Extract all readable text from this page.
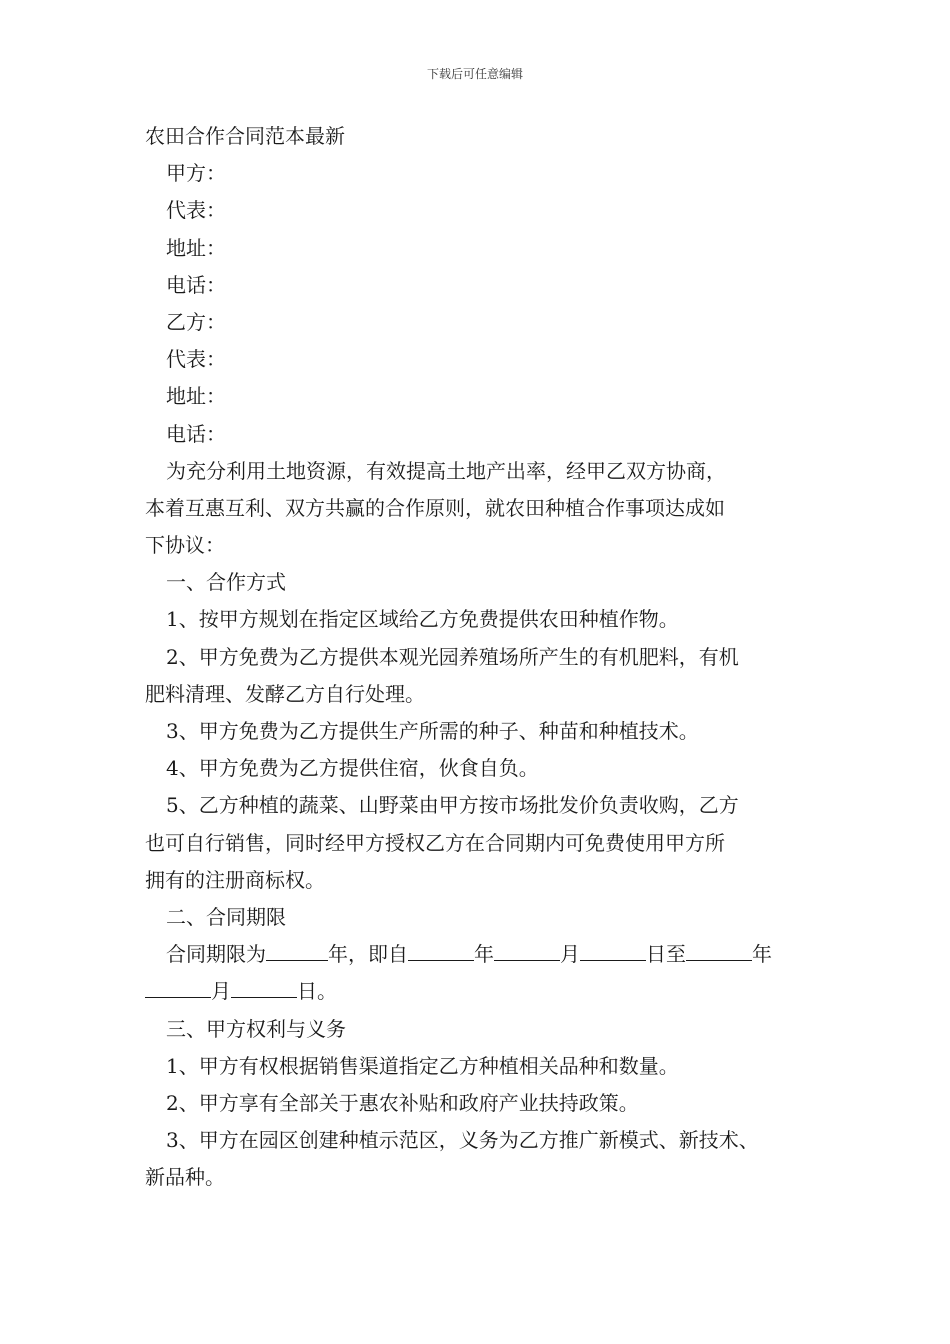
下载后可任意编辑
农田合作合同范本最新
甲方：
代表：
地址：
电话：
乙方：
代表：
地址：
电话：
为充分利用土地资源，有效提高土地产出率，经甲乙双方协商，
本着互惠互利、双方共赢的合作原则，就农田种植合作事项达成如
下协议：
一、合作方式
1、按甲方规划在指定区域给乙方免费提供农田种植作物。
2、甲方免费为乙方提供本观光园养殖场所产生的有机肥料，有机
肥料清理、发酵乙方自行处理。
3、甲方免费为乙方提供生产所需的种子、种苗和种植技术。
4、甲方免费为乙方提供住宿，伙食自负。
5、乙方种植的蔬菜、山野菜由甲方按市场批发价负责收购，乙方
也可自行销售，同时经甲方授权乙方在合同期内可免费使用甲方所
拥有的注册商标权。
二、合同期限
合同期限为	年，即自	年	月	日至	年
月	日。
三、甲方权利与义务
1、甲方有权根据销售渠道指定乙方种植相关品种和数量。
2、甲方享有全部关于惠农补贴和政府产业扶持政策。
3、甲方在园区创建种植示范区，义务为乙方推广新模式、新技术、
新品种。
